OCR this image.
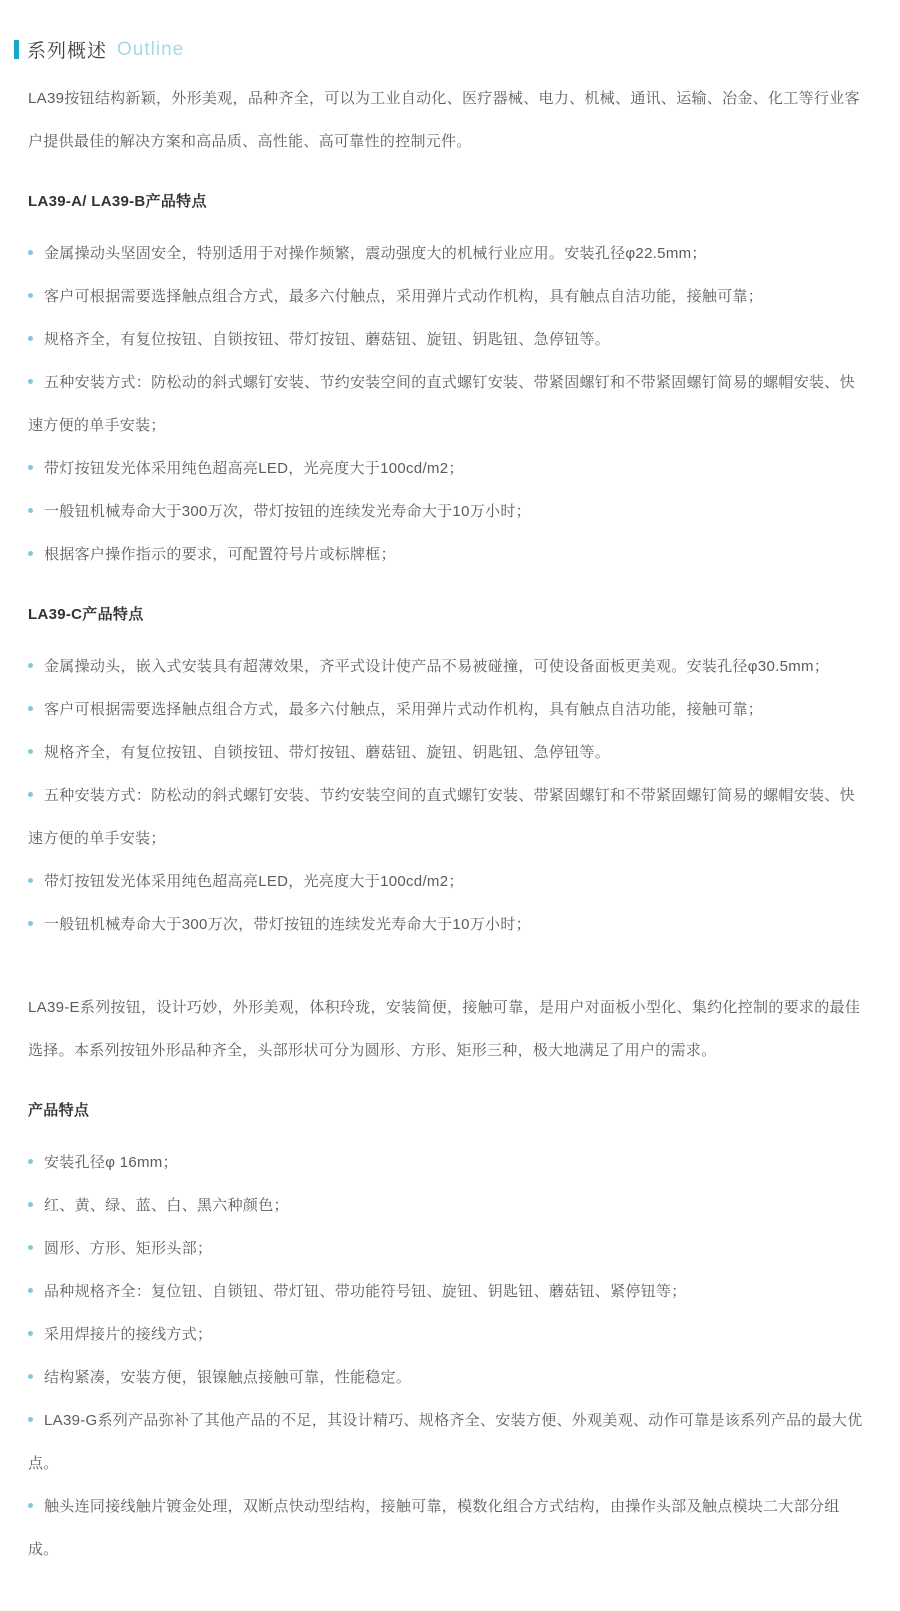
系列概述 Outline

LA39按钮结构新颖，外形美观，品种齐全，可以为工业自动化、医疗器械、电力、机械、通讯、运输、冶金、化工等行业客户提供最佳的解决方案和高品质、高性能、高可靠性的控制元件。

LA39-A/ LA39-B产品特点
金属操动头坚固安全，特别适用于对操作频繁，震动强度大的机械行业应用。安装孔径φ22.5mm；
客户可根据需要选择触点组合方式，最多六付触点，采用弹片式动作机构，具有触点自洁功能，接触可靠；
规格齐全，有复位按钮、自锁按钮、带灯按钮、蘑菇钮、旋钮、钥匙钮、急停钮等。
五种安装方式：防松动的斜式螺钉安装、节约安装空间的直式螺钉安装、带紧固螺钉和不带紧固螺钉简易的螺帽安装、快速方便的单手安装；
带灯按钮发光体采用纯色超高亮LED，光亮度大于100cd/m2；
一般钮机械寿命大于300万次，带灯按钮的连续发光寿命大于10万小时；
根据客户操作指示的要求，可配置符号片或标牌框；
LA39-C产品特点
金属操动头，嵌入式安装具有超薄效果，齐平式设计使产品不易被碰撞，可使设备面板更美观。安装孔径φ30.5mm；
客户可根据需要选择触点组合方式，最多六付触点，采用弹片式动作机构，具有触点自洁功能，接触可靠；
规格齐全，有复位按钮、自锁按钮、带灯按钮、蘑菇钮、旋钮、钥匙钮、急停钮等。
五种安装方式：防松动的斜式螺钉安装、节约安装空间的直式螺钉安装、带紧固螺钉和不带紧固螺钉简易的螺帽安装、快速方便的单手安装；
带灯按钮发光体采用纯色超高亮LED，光亮度大于100cd/m2；
一般钮机械寿命大于300万次，带灯按钮的连续发光寿命大于10万小时；

LA39-E系列按钮，设计巧妙，外形美观，体积玲珑，安装简便，接触可靠，是用户对面板小型化、集约化控制的要求的最佳选择。本系列按钮外形品种齐全，头部形状可分为圆形、方形、矩形三种，极大地满足了用户的需求。

产品特点
安装孔径φ 16mm；
红、黄、绿、蓝、白、黑六种颜色；
圆形、方形、矩形头部；
品种规格齐全：复位钮、自锁钮、带灯钮、带功能符号钮、旋钮、钥匙钮、蘑菇钮、紧停钮等；
采用焊接片的接线方式；
结构紧凑，安装方便，银镍触点接触可靠，性能稳定。
LA39-G系列产品弥补了其他产品的不足，其设计精巧、规格齐全、安装方便、外观美观、动作可靠是该系列产品的最大优点。
触头连同接线触片镀金处理，双断点快动型结构，接触可靠，模数化组合方式结构，由操作头部及触点模块二大部分组成。
